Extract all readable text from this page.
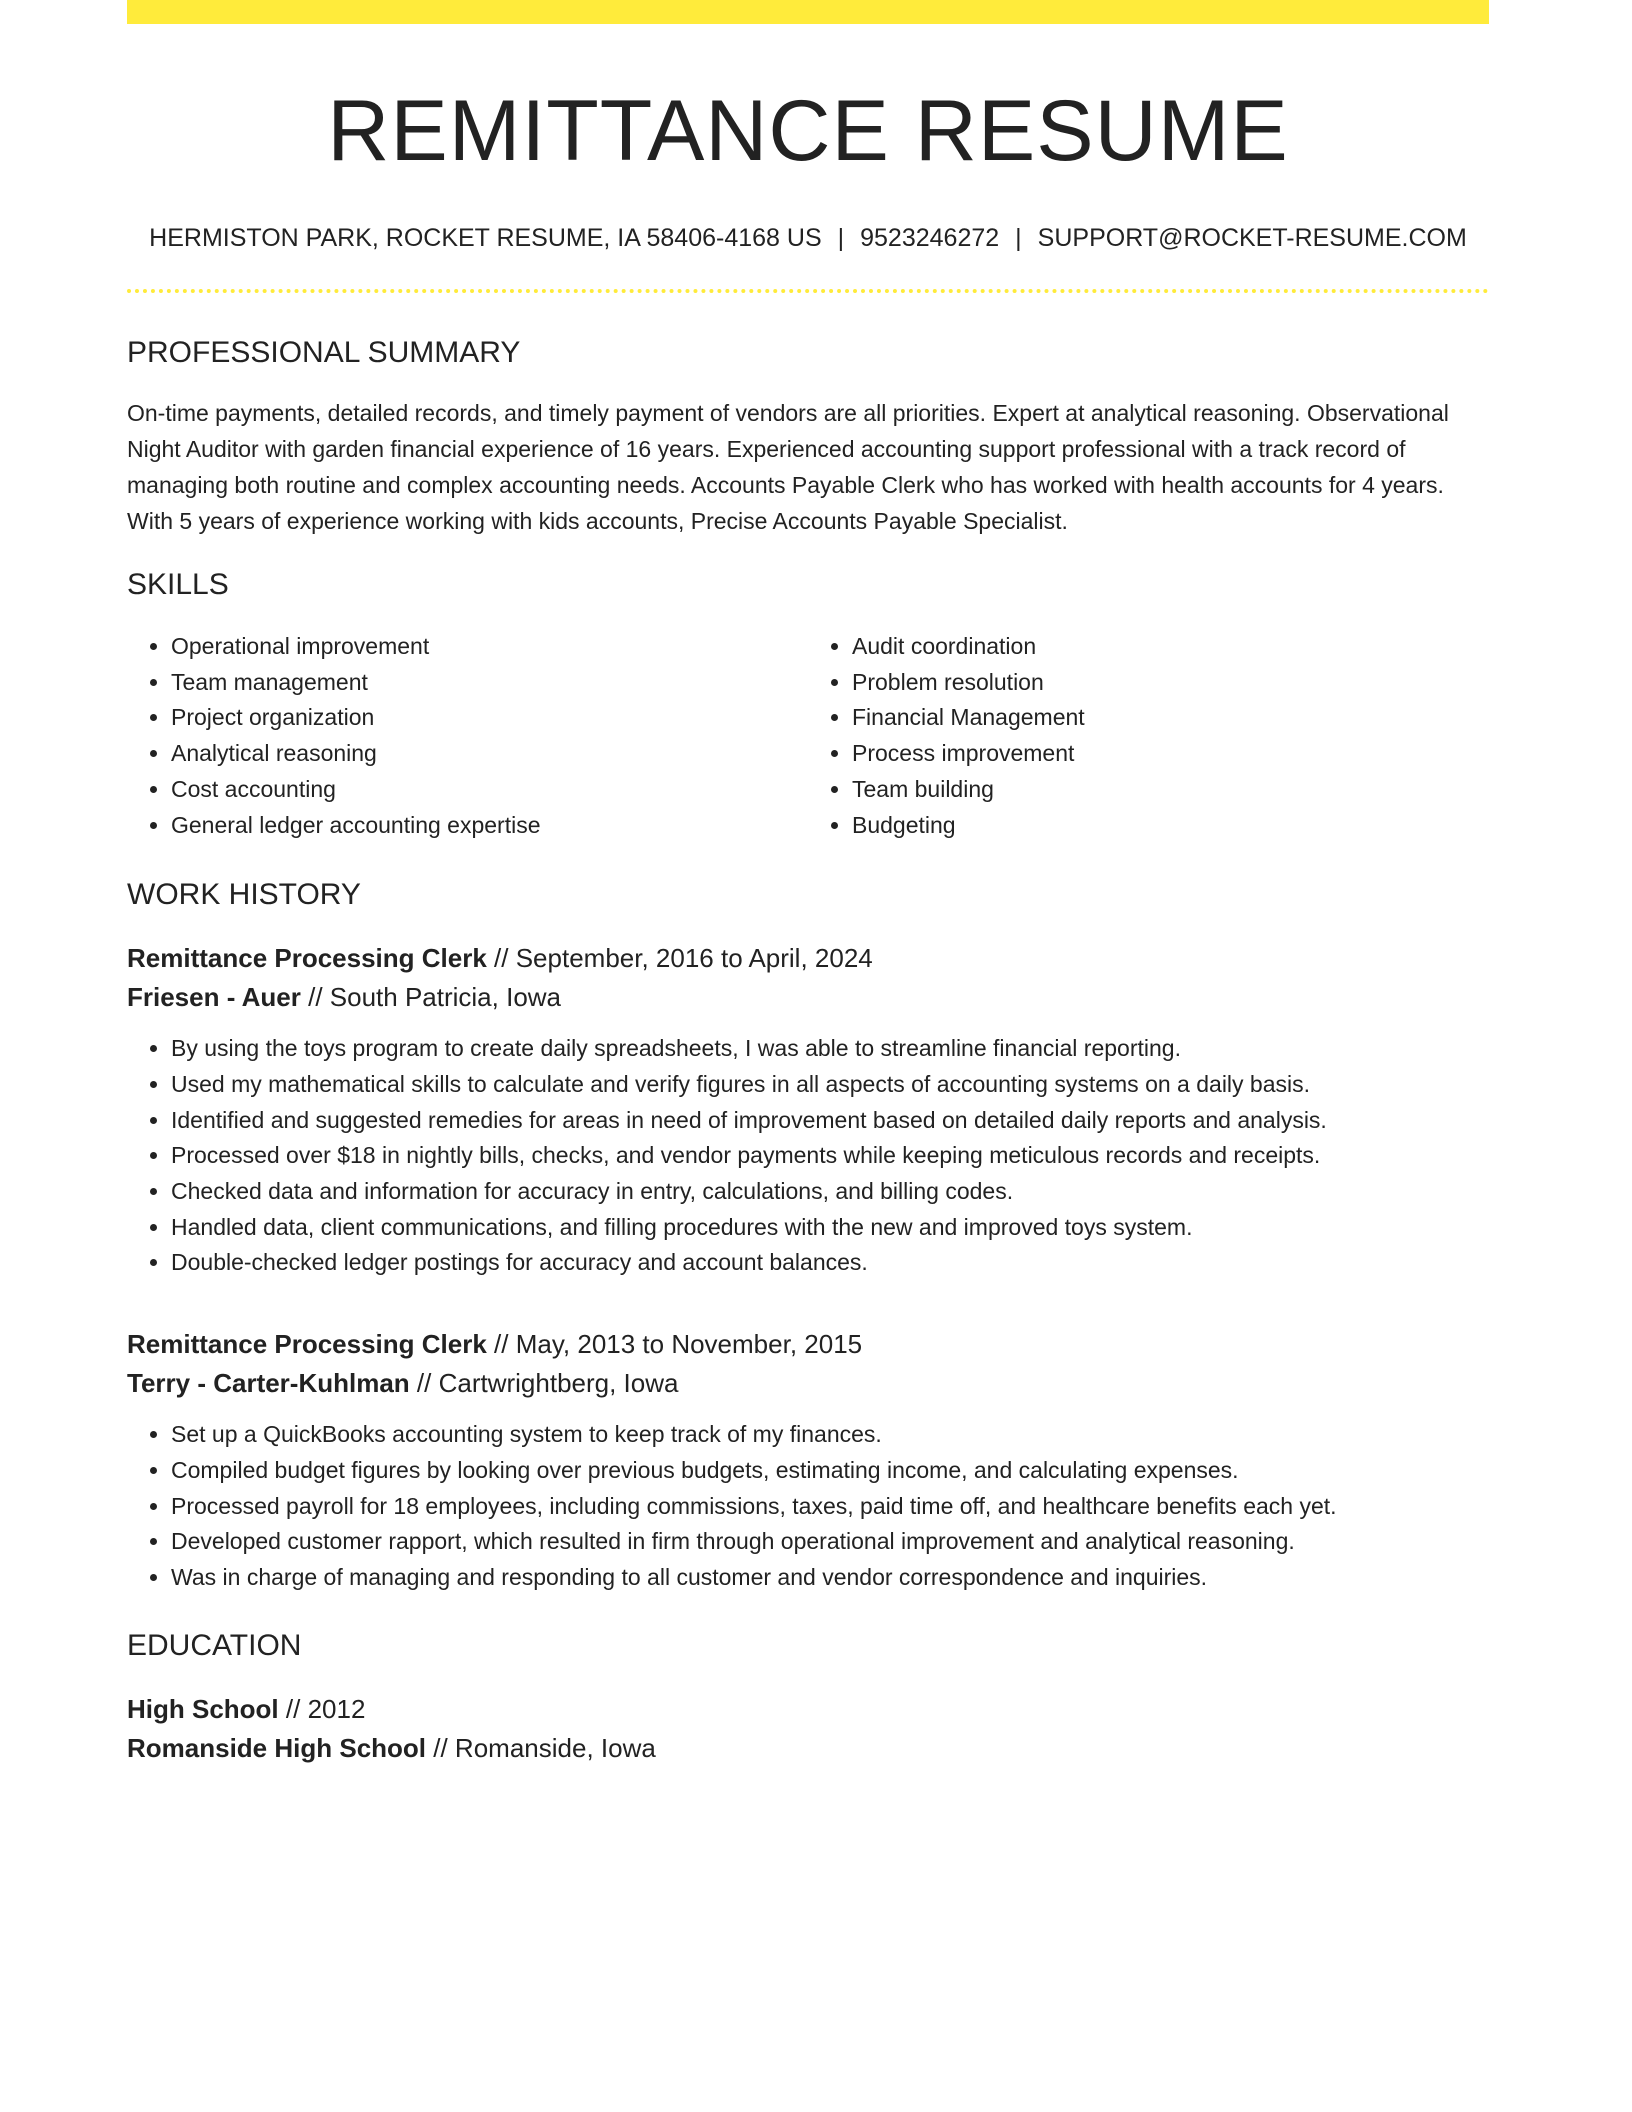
REMITTANCE RESUME
HERMISTON PARK, ROCKET RESUME, IA 58406-4168 US | 9523246272 | SUPPORT@ROCKET-RESUME.COM
PROFESSIONAL SUMMARY

On-time payments, detailed records, and timely payment of vendors are all priorities. Expert at analytical reasoning. Observational Night Auditor with garden financial experience of 16 years. Experienced accounting support professional with a track record of managing both routine and complex accounting needs. Accounts Payable Clerk who has worked with health accounts for 4 years. With 5 years of experience working with kids accounts, Precise Accounts Payable Specialist.

SKILLS
• Operational improvement
• Team management
• Project organization
• Analytical reasoning
• Cost accounting
• General ledger accounting expertise
• Audit coordination
• Problem resolution
• Financial Management
• Process improvement
• Team building
• Budgeting
WORK HISTORY
Remittance Processing Clerk // September, 2016 to April, 2024
Friesen - Auer // South Patricia, Iowa
• By using the toys program to create daily spreadsheets, I was able to streamline financial reporting.
• Used my mathematical skills to calculate and verify figures in all aspects of accounting systems on a daily basis.
• Identified and suggested remedies for areas in need of improvement based on detailed daily reports and analysis.
• Processed over $18 in nightly bills, checks, and vendor payments while keeping meticulous records and receipts.
• Checked data and information for accuracy in entry, calculations, and billing codes.
• Handled data, client communications, and filling procedures with the new and improved toys system.
• Double-checked ledger postings for accuracy and account balances.
Remittance Processing Clerk // May, 2013 to November, 2015
Terry - Carter-Kuhlman // Cartwrightberg, Iowa
• Set up a QuickBooks accounting system to keep track of my finances.
• Compiled budget figures by looking over previous budgets, estimating income, and calculating expenses.
• Processed payroll for 18 employees, including commissions, taxes, paid time off, and healthcare benefits each yet.
• Developed customer rapport, which resulted in firm through operational improvement and analytical reasoning.
• Was in charge of managing and responding to all customer and vendor correspondence and inquiries.
EDUCATION
High School // 2012
Romanside High School // Romanside, Iowa
